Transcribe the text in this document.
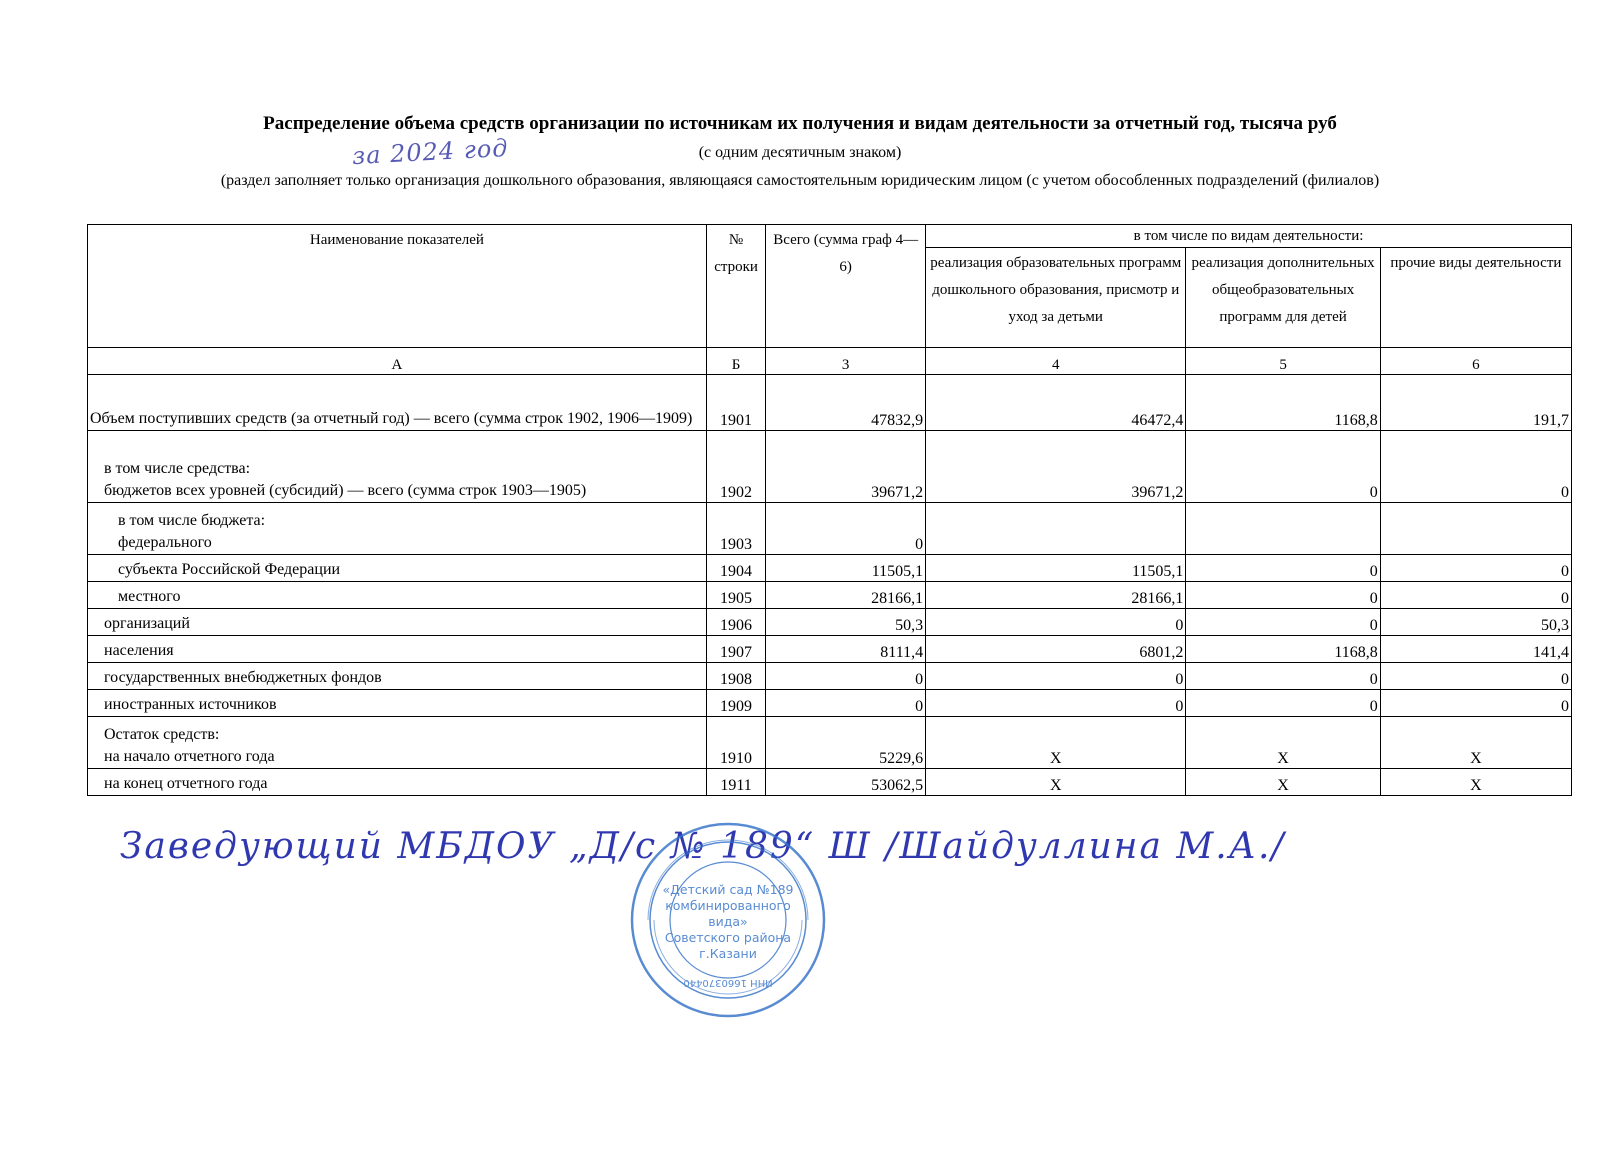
Распределение объема средств организации по источникам их получения и видам деятельности за отчетный год, тысяча руб
за 2024 год	(с одним десятичным знаком)
(раздел заполняет только организация дошкольного образования, являющаяся самостоятельным юридическим лицом (с учетом обособленных подразделений (филиалов)
Наименование показателей	№ строки	Всего (сумма граф 4—6)	в том числе по видам деятельности:		
			реализация образовательных программ дошкольного образования, присмотр и уход за детьми	реализация дополнительных общеобразовательных программ для детей	прочие виды деятельности
А	Б	3	4	5	6
Объем поступивших средств (за отчетный год) — всего (сумма строк 1902, 1906—1909)	1901	47832,9	46472,4	1168,8	191,7
в том числе средства:
бюджетов всех уровней (субсидий) — всего (сумма строк 1903—1905)	1902	39671,2	39671,2	0	0
в том числе бюджета:
федерального	1903	0			
субъекта Российской Федерации	1904	11505,1	11505,1	0	0
местного	1905	28166,1	28166,1	0	0
организаций	1906	50,3	0	0	50,3
населения	1907	8111,4	6801,2	1168,8	141,4
государственных внебюджетных фондов	1908	0	0	0	0
иностранных источников	1909	0	0	0	0
Остаток средств:
на начало отчетного года	1910	5229,6	Х	Х	Х
на конец отчетного года	1911	53062,5	Х	Х	Х
Заведующий МБДОУ „Д/с № 189“ Ш /Шайдуллина М.А./
«Детский сад №189
комбинированного
вида»
Советского района
г.Казани
ИНН 1660370440
